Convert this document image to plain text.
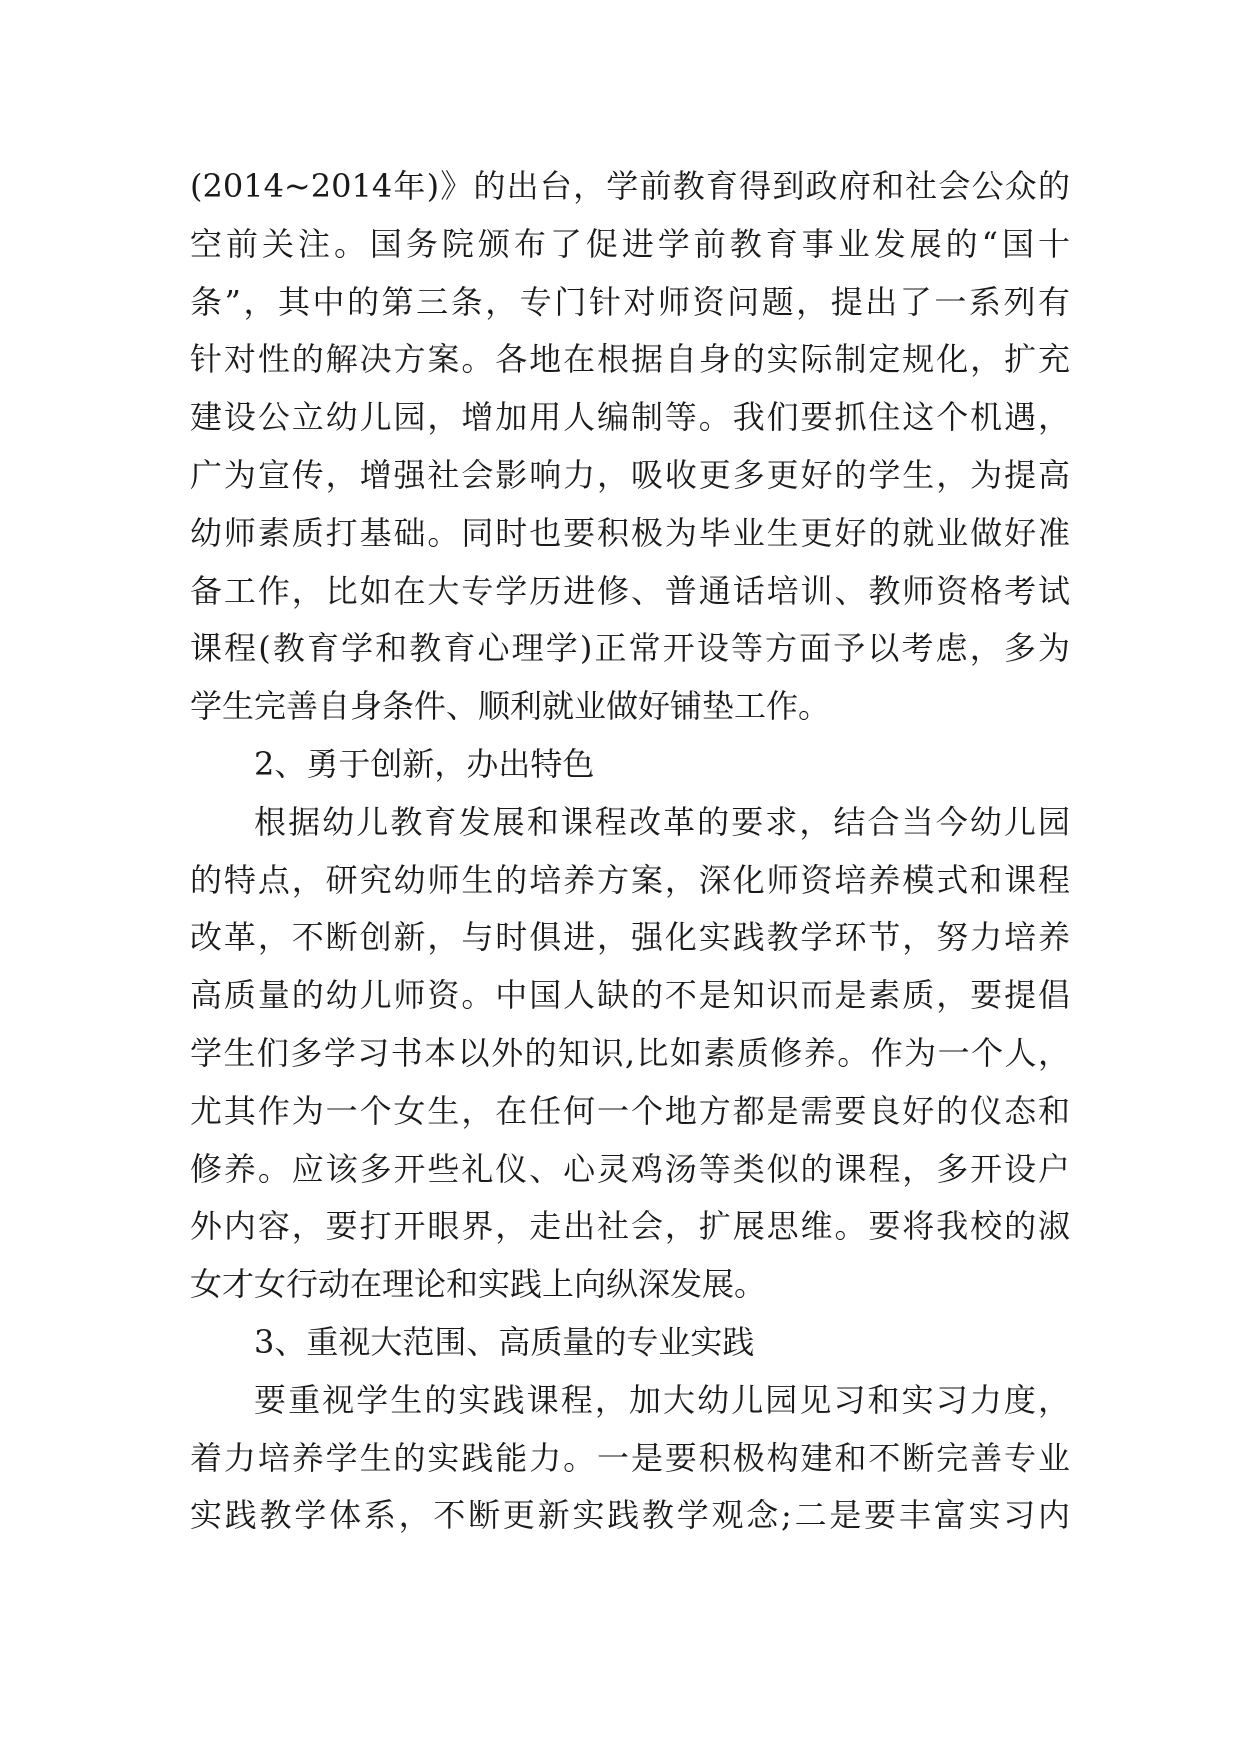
(2014~2014年)》的出台，学前教育得到政府和社会公众的
空前关注。国务院颁布了促进学前教育事业发展的“国十
条”，其中的第三条，专门针对师资问题，提出了一系列有
针对性的解决方案。各地在根据自身的实际制定规化，扩充
建设公立幼儿园，增加用人编制等。我们要抓住这个机遇，
广为宣传，增强社会影响力，吸收更多更好的学生，为提高
幼师素质打基础。同时也要积极为毕业生更好的就业做好准
备工作，比如在大专学历进修、普通话培训、教师资格考试
课程(教育学和教育心理学)正常开设等方面予以考虑，多为
学生完善自身条件、顺利就业做好铺垫工作。
2、勇于创新，办出特色
根据幼儿教育发展和课程改革的要求，结合当今幼儿园
的特点，研究幼师生的培养方案，深化师资培养模式和课程
改革，不断创新，与时俱进，强化实践教学环节，努力培养
高质量的幼儿师资。中国人缺的不是知识而是素质，要提倡
学生们多学习书本以外的知识,比如素质修养。作为一个人，
尤其作为一个女生，在任何一个地方都是需要良好的仪态和
修养。应该多开些礼仪、心灵鸡汤等类似的课程，多开设户
外内容，要打开眼界，走出社会，扩展思维。要将我校的淑
女才女行动在理论和实践上向纵深发展。
3、重视大范围、高质量的专业实践
要重视学生的实践课程，加大幼儿园见习和实习力度，
着力培养学生的实践能力。一是要积极构建和不断完善专业
实践教学体系，不断更新实践教学观念;二是要丰富实习内
